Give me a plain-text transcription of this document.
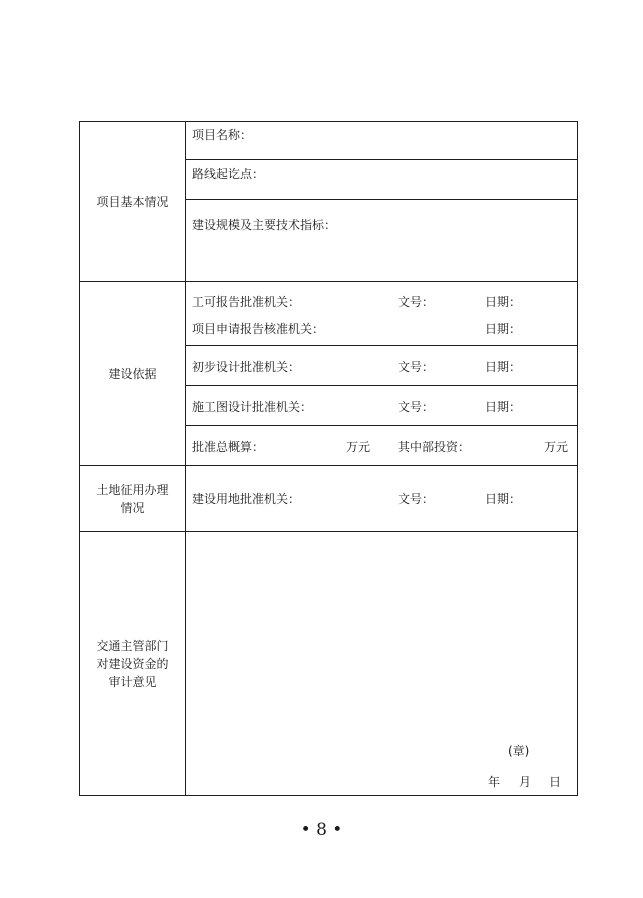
项目基本情况	项目名称：

	路线起讫点：

	建设规模及主要技术指标：

建设依据	工可报告批准机关： 文号： 日期：
项目申请报告核准机关： 日期：

	初步设计批准机关： 文号： 日期：

	施工图设计批准机关： 文号： 日期：

	批准总概算： 万元 其中部投资： 万元

土地征用办理
情况	建设用地批准机关： 文号： 日期：

交通主管部门
对建设资金的
审计意见	(章)
年 月 日
• 8 •
